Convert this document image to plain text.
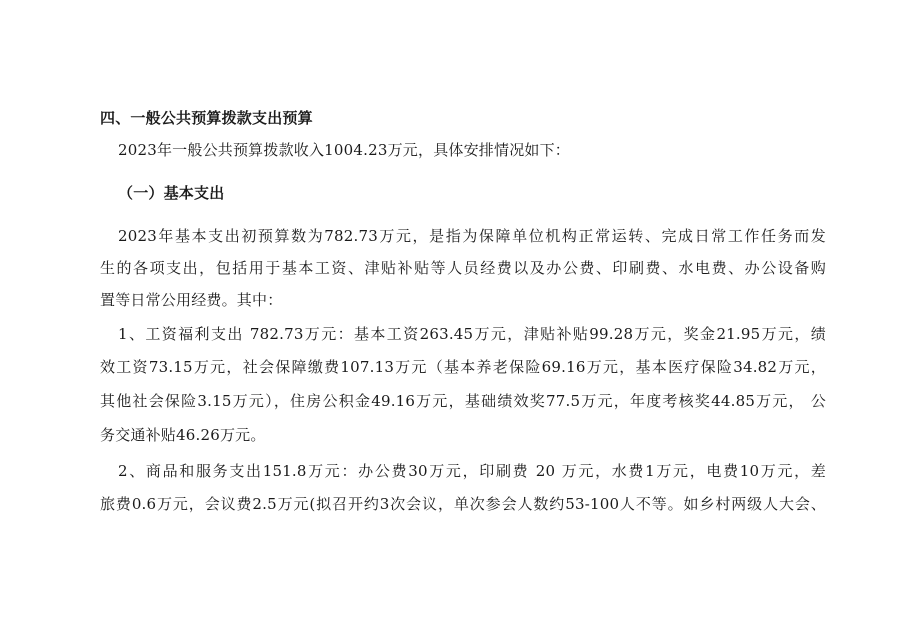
四、一般公共预算拨款支出预算
2023年一般公共预算拨款收入1004.23万元，具体安排情况如下：
（一）基本支出
2023年基本支出初预算数为782.73万元，是指为保障单位机构正常运转、完成日常工作任务而发
生的各项支出，包括用于基本工资、津贴补贴等人员经费以及办公费、印刷费、水电费、办公设备购
置等日常公用经费。其中：
1、工资福利支出 782.73万元：基本工资263.45万元，津贴补贴99.28万元，奖金21.95万元，绩
效工资73.15万元，社会保障缴费107.13万元（基本养老保险69.16万元，基本医疗保险34.82万元，
其他社会保险3.15万元），住房公积金49.16万元，基础绩效奖77.5万元，年度考核奖44.85万元， 公
务交通补贴46.26万元。
2、商品和服务支出151.8万元：办公费30万元，印刷费 20 万元，水费1万元，电费10万元，差
旅费0.6万元，会议费2.5万元(拟召开约3次会议，单次参会人数约53-100人不等。如乡村两级人大会、
